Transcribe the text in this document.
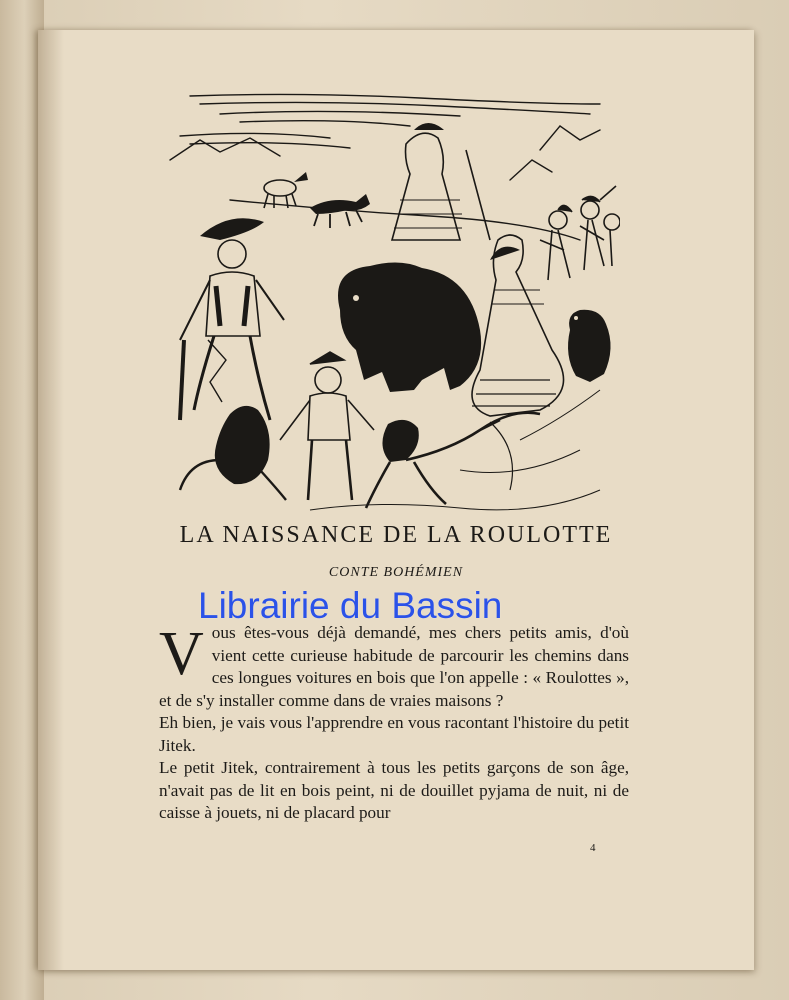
LA NAISSANCE DE LA ROULOTTE
CONTE BOHÉMIEN
V ous êtes-vous déjà demandé, mes chers petits amis, d'où vient cette curieuse habitude de parcourir les chemins dans ces longues voitures en bois que l'on appelle : « Roulottes », et de s'y installer comme dans de vraies maisons ?

Eh bien, je vais vous l'apprendre en vous racontant l'histoire du petit Jitek.

Le petit Jitek, contrairement à tous les petits garçons de son âge, n'avait pas de lit en bois peint, ni de douillet pyjama de nuit, ni de caisse à jouets, ni de placard pour

4
Librairie du Bassin
